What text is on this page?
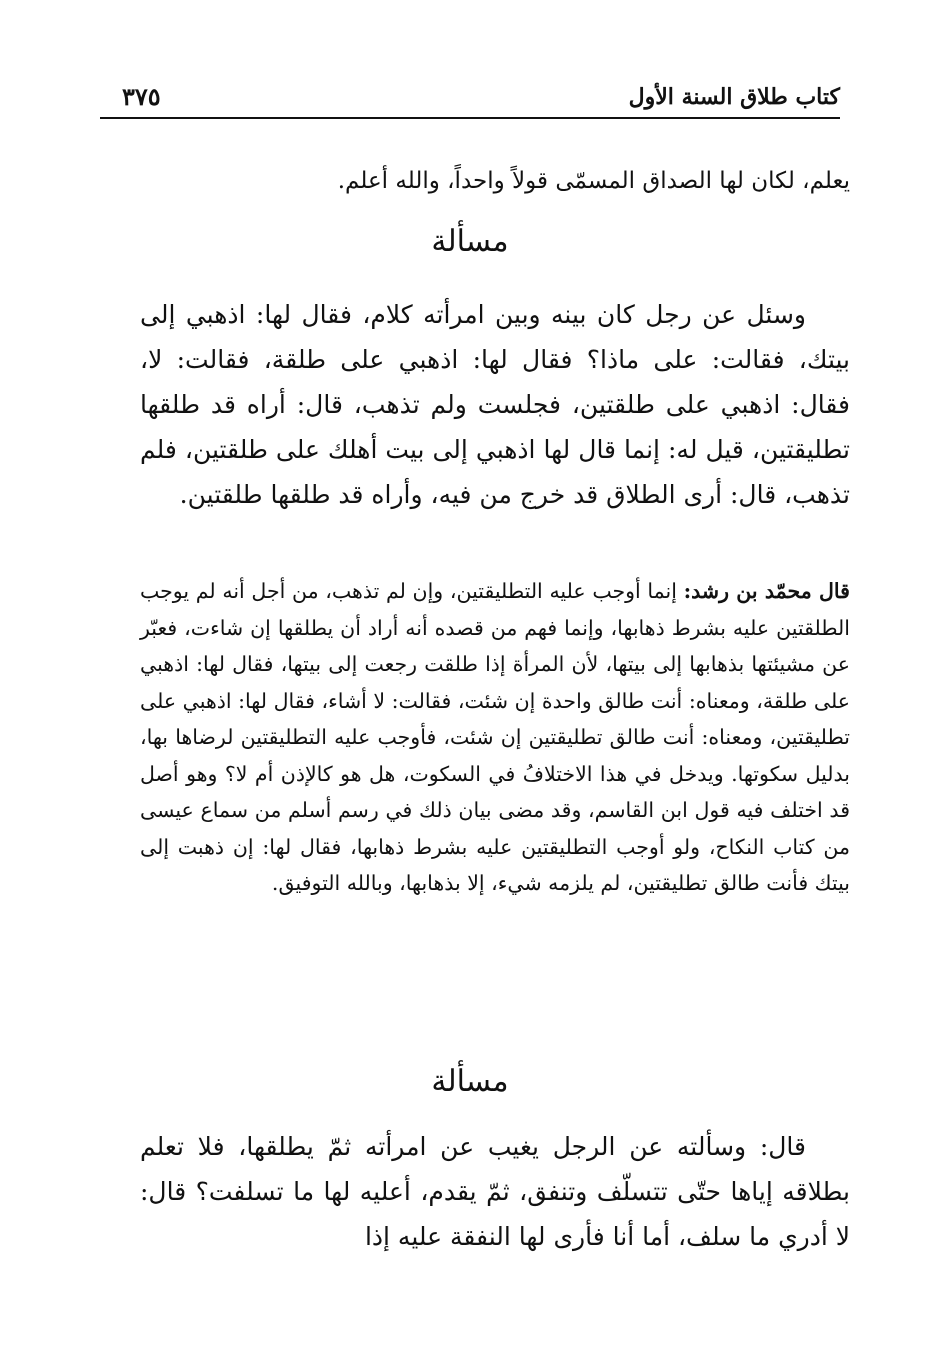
كتاب طلاق السنة الأول
٣٧٥

يعلم، لكان لها الصداق المسمّى قولاً واحداً، والله أعلم.

مسألة

وسئل عن رجل كان بينه وبين امرأته كلام، فقال لها: اذهبي إلى بيتك، فقالت: على ماذا؟ فقال لها: اذهبي على طلقة، فقالت: لا، فقال: اذهبي على طلقتين، فجلست ولم تذهب، قال: أراه قد طلقها تطليقتين، قيل له: إنما قال لها اذهبي إلى بيت أهلك على طلقتين، فلم تذهب، قال: أرى الطلاق قد خرج من فيه، وأراه قد طلقها طلقتين.

قال محمّد بن رشد: إنما أوجب عليه التطليقتين، وإن لم تذهب، من أجل أنه لم يوجب الطلقتين عليه بشرط ذهابها، وإنما فهم من قصده أنه أراد أن يطلقها إن شاءت، فعبّر عن مشيئتها بذهابها إلى بيتها، لأن المرأة إذا طلقت رجعت إلى بيتها، فقال لها: اذهبي على طلقة، ومعناه: أنت طالق واحدة إن شئت، فقالت: لا أشاء، فقال لها: اذهبي على تطليقتين، ومعناه: أنت طالق تطليقتين إن شئت، فأوجب عليه التطليقتين لرضاها بها، بدليل سكوتها. ويدخل في هذا الاختلافُ في السكوت، هل هو كالإذن أم لا؟ وهو أصل قد اختلف فيه قول ابن القاسم، وقد مضى بيان ذلك في رسم أسلم من سماع عيسى من كتاب النكاح، ولو أوجب التطليقتين عليه بشرط ذهابها، فقال لها: إن ذهبت إلى بيتك فأنت طالق تطليقتين، لم يلزمه شيء، إلا بذهابها، وبالله التوفيق.

مسألة

قال: وسألته عن الرجل يغيب عن امرأته ثمّ يطلقها، فلا تعلم بطلاقه إياها حتّى تتسلّف وتنفق، ثمّ يقدم، أعليه لها ما تسلفت؟ قال: لا أدري ما سلف، أما أنا فأرى لها النفقة عليه إذا
